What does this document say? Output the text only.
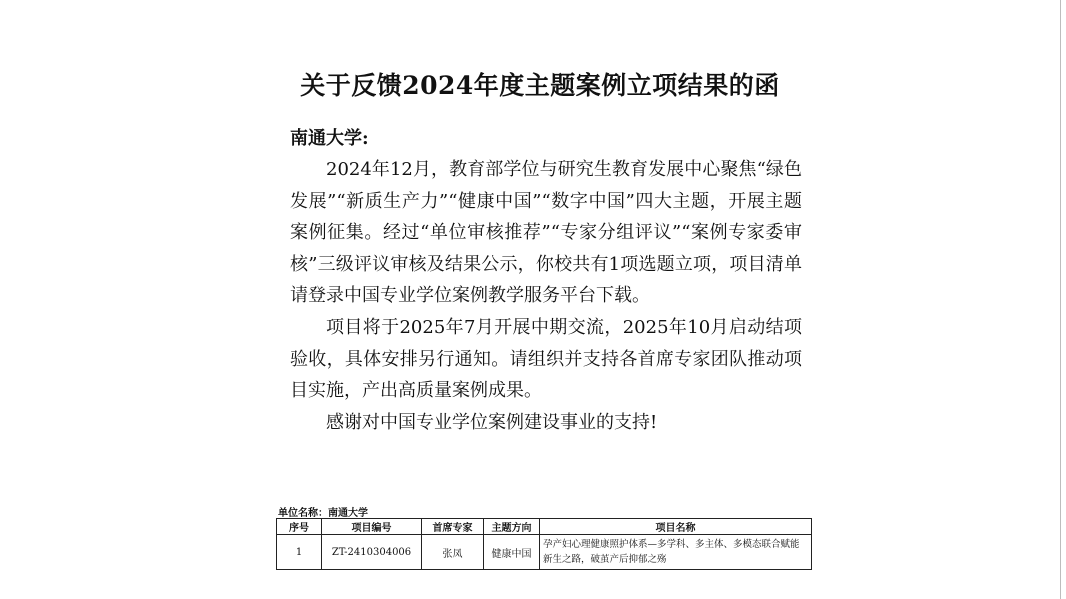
关于反馈2024年度主题案例立项结果的函
南通大学:

2024年12月，教育部学位与研究生教育发展中心聚焦“绿色发展”“新质生产力”“健康中国”“数字中国”四大主题，开展主题案例征集。经过“单位审核推荐”“专家分组评议”“案例专家委审核”三级评议审核及结果公示，你校共有1项选题立项，项目清单请登录中国专业学位案例教学服务平台下载。

项目将于2025年7月开展中期交流，2025年10月启动结项验收，具体安排另行通知。请组织并支持各首席专家团队推动项目实施，产出高质量案例成果。

感谢对中国专业学位案例建设事业的支持!

单位名称：南通大学
序号	项目编号	首席专家	主题方向	项目名称
1	ZT-2410304006	张凤	健康中国	孕产妇心理健康照护体系—多学科、多主体、多模态联合赋能新生之路，破茧产后抑郁之殇
